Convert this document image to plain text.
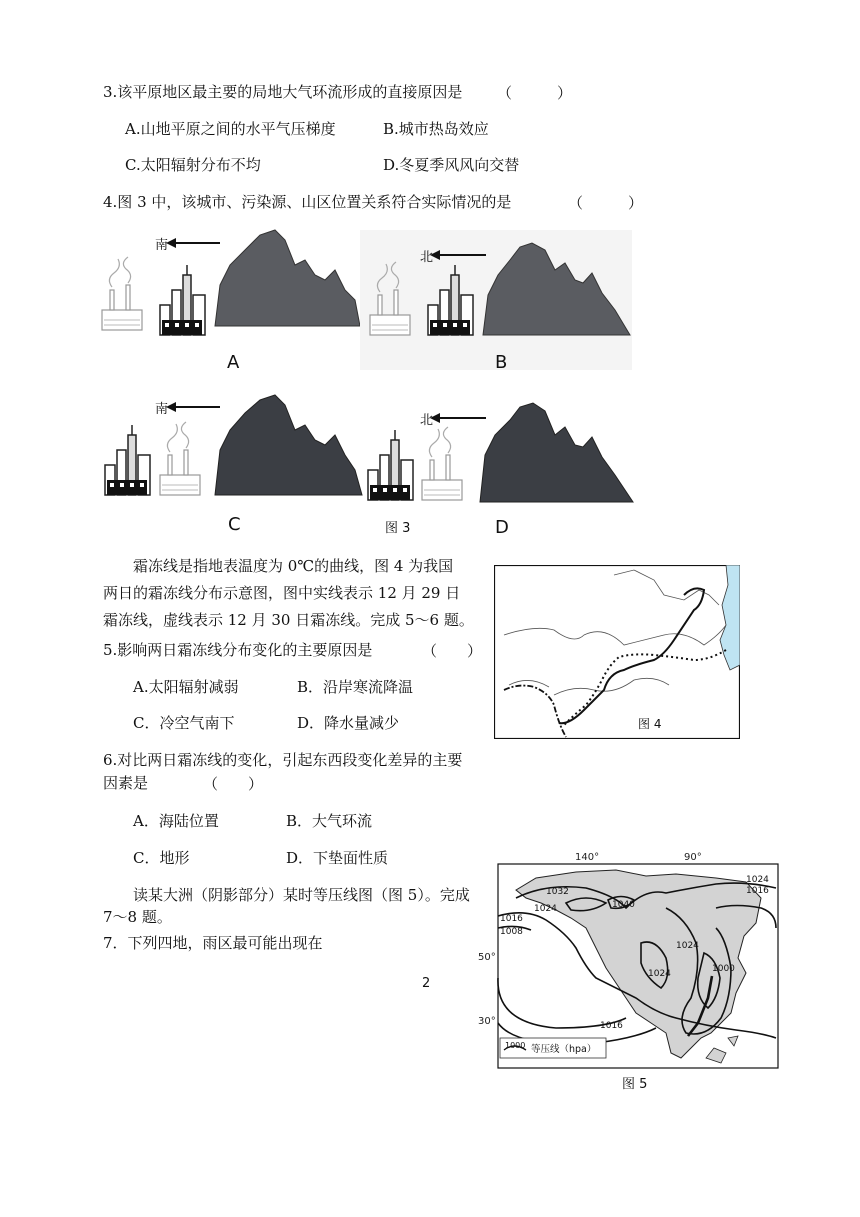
3.该平原地区最主要的局地大气环流形成的直接原因是 （　　　）
A.山地平原之间的水平气压梯度	B.城市热岛效应
C.太阳辐射分布不均	D.冬夏季风风向交替
4.图 3 中，该城市、污染源、山区位置关系符合实际情况的是	（　　　）
南
A
北
B
南
C
北
D
图 3
霜冻线是指地表温度为 0℃的曲线，图 4 为我国
两日的霜冻线分布示意图，图中实线表示 12 月 29 日
霜冻线，虚线表示 12 月 30 日霜冻线。完成 5～6 题。
图 4
5.影响两日霜冻线分布变化的主要原因是	（　　）
A.太阳辐射减弱	B．沿岸寒流降温
C．冷空气南下	D．降水量减少
6.对比两日霜冻线的变化，引起东西段变化差异的主要
因素是	（　　）
A．海陆位置	B．大气环流
C．地形	D．下垫面性质
读某大洲（阴影部分）某时等压线图（图 5）。完成
7～8 题。
7．下列四地，雨区最可能出现在
2
140°	90°
50°
30°
1032
1024	1040
1016
1008
1024
1024
1016
1024
1016
1000
1000 等压线（hpa）
图 5
